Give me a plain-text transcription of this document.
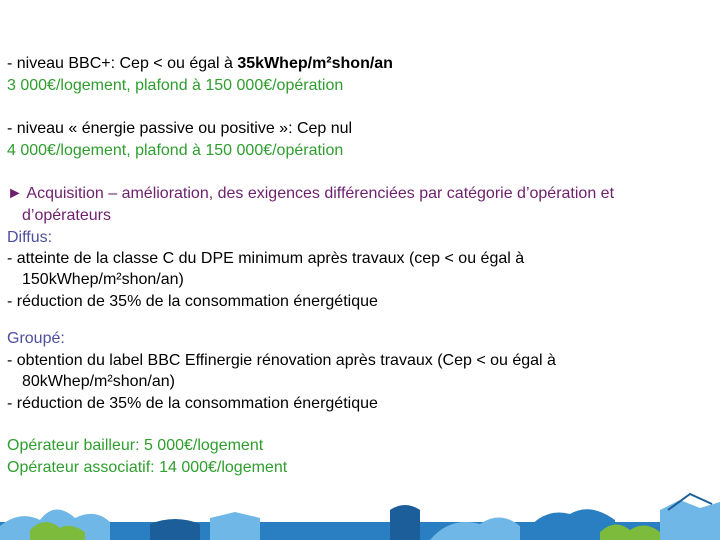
- niveau BBC+: Cep < ou égal à 35kWhep/m²shon/an
3 000€/logement, plafond à 150 000€/opération
- niveau « énergie passive ou positive »: Cep nul
4 000€/logement, plafond à 150 000€/opération
► Acquisition – amélioration, des exigences différenciées par catégorie d’opération et
d’opérateurs
Diffus:
- atteinte de la classe C du DPE minimum après travaux (cep < ou égal à
150kWhep/m²shon/an)
- réduction de 35% de la consommation énergétique
Groupé:
- obtention du label BBC Effinergie rénovation après travaux (Cep < ou égal à
80kWhep/m²shon/an)
- réduction de 35% de la consommation énergétique
Opérateur bailleur: 5 000€/logement
Opérateur associatif: 14 000€/logement
